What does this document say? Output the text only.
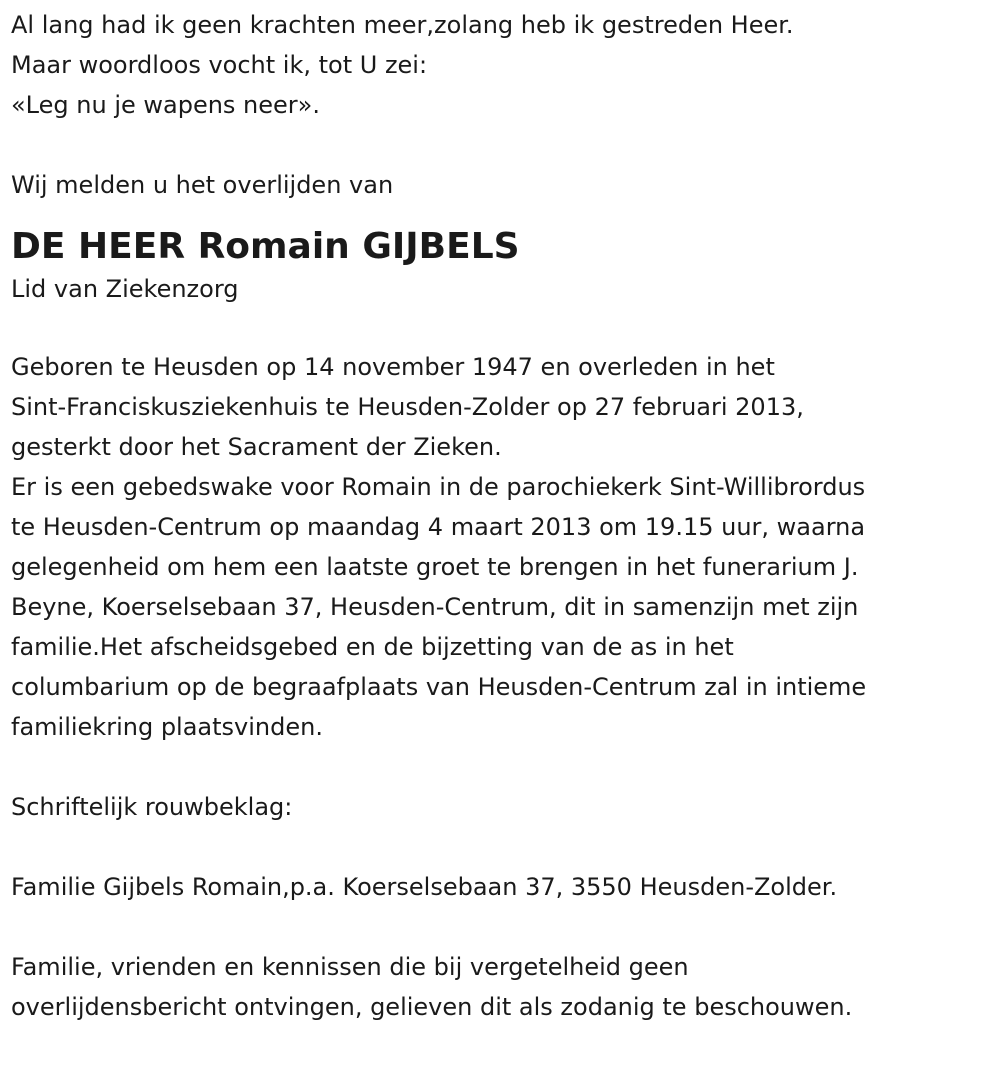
Al lang had ik geen krachten meer,zolang heb ik gestreden Heer.
Maar woordloos vocht ik, tot U zei:
«Leg nu je wapens neer».
Wij melden u het overlijden van
DE HEER Romain GIJBELS
Lid van Ziekenzorg
Geboren te Heusden op 14 november 1947 en overleden in het
Sint-Franciskusziekenhuis te Heusden-Zolder op 27 februari 2013,
gesterkt door het Sacrament der Zieken.
Er is een gebedswake voor Romain in de parochiekerk Sint-Willibrordus
te Heusden-Centrum op maandag 4 maart 2013 om 19.15 uur, waarna
gelegenheid om hem een laatste groet te brengen in het funerarium J.
Beyne, Koerselsebaan 37, Heusden-Centrum, dit in samenzijn met zijn
familie.Het afscheidsgebed en de bijzetting van de as in het
columbarium op de begraafplaats van Heusden-Centrum zal in intieme
familiekring plaatsvinden.
Schriftelijk rouwbeklag:
Familie Gijbels Romain,p.a. Koerselsebaan 37, 3550 Heusden-Zolder.
Familie, vrienden en kennissen die bij vergetelheid geen
overlijdensbericht ontvingen, gelieven dit als zodanig te beschouwen.
